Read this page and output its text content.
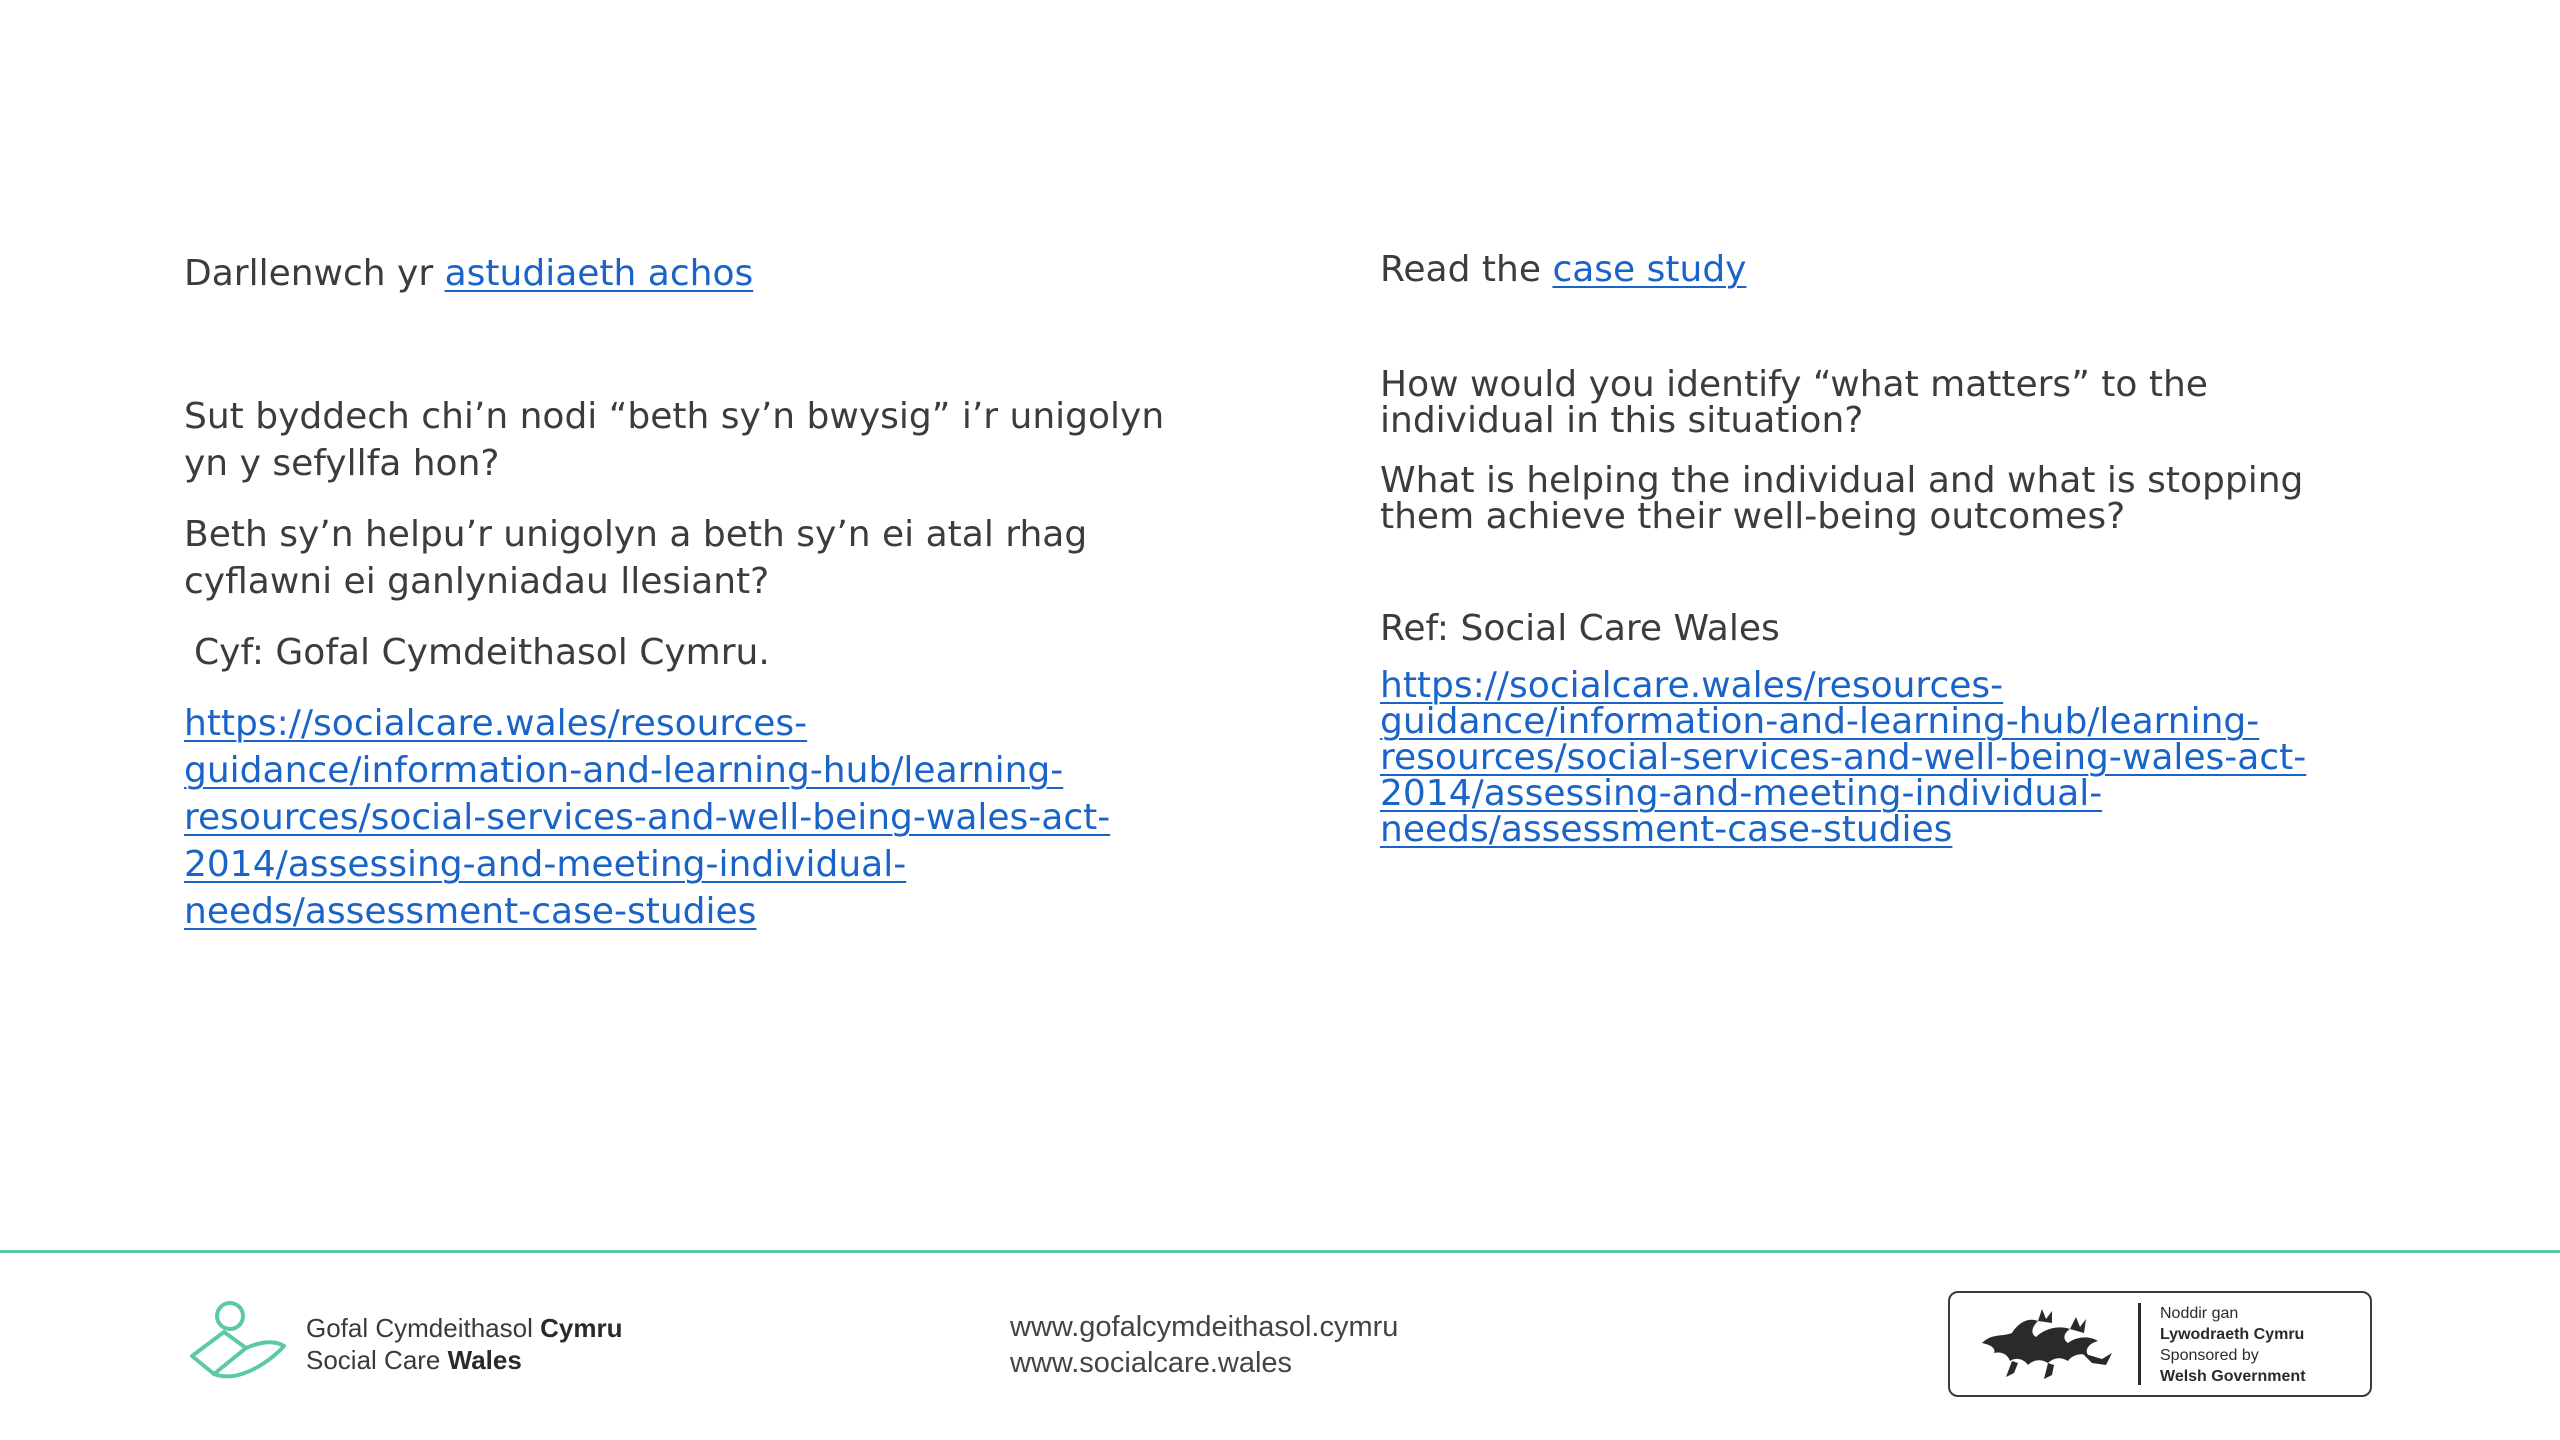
Darllenwch yr astudiaeth achos

Sut byddech chi’n nodi “beth sy’n bwysig” i’r unigolyn yn y sefyllfa hon?

Beth sy’n helpu’r unigolyn a beth sy’n ei atal rhag cyflawni ei ganlyniadau llesiant?

Cyf: Gofal Cymdeithasol Cymru.

https://socialcare.wales/resources-guidance/information-and-learning-hub/learning-resources/social-services-and-well-being-wales-act-2014/assessing-and-meeting-individual-needs/assessment-case-studies

Read the case study

How would you identify “what matters” to the individual in this situation?

What is helping the individual and what is stopping them achieve their well-being outcomes?

Ref: Social Care Wales

https://socialcare.wales/resources-guidance/information-and-learning-hub/learning-resources/social-services-and-well-being-wales-act-2014/assessing-and-meeting-individual-needs/assessment-case-studies

Gofal Cymdeithasol Cymru
Social Care Wales
www.gofalcymdeithasol.cymru
www.socialcare.wales
Noddir gan
Lywodraeth Cymru
Sponsored by
Welsh Government
